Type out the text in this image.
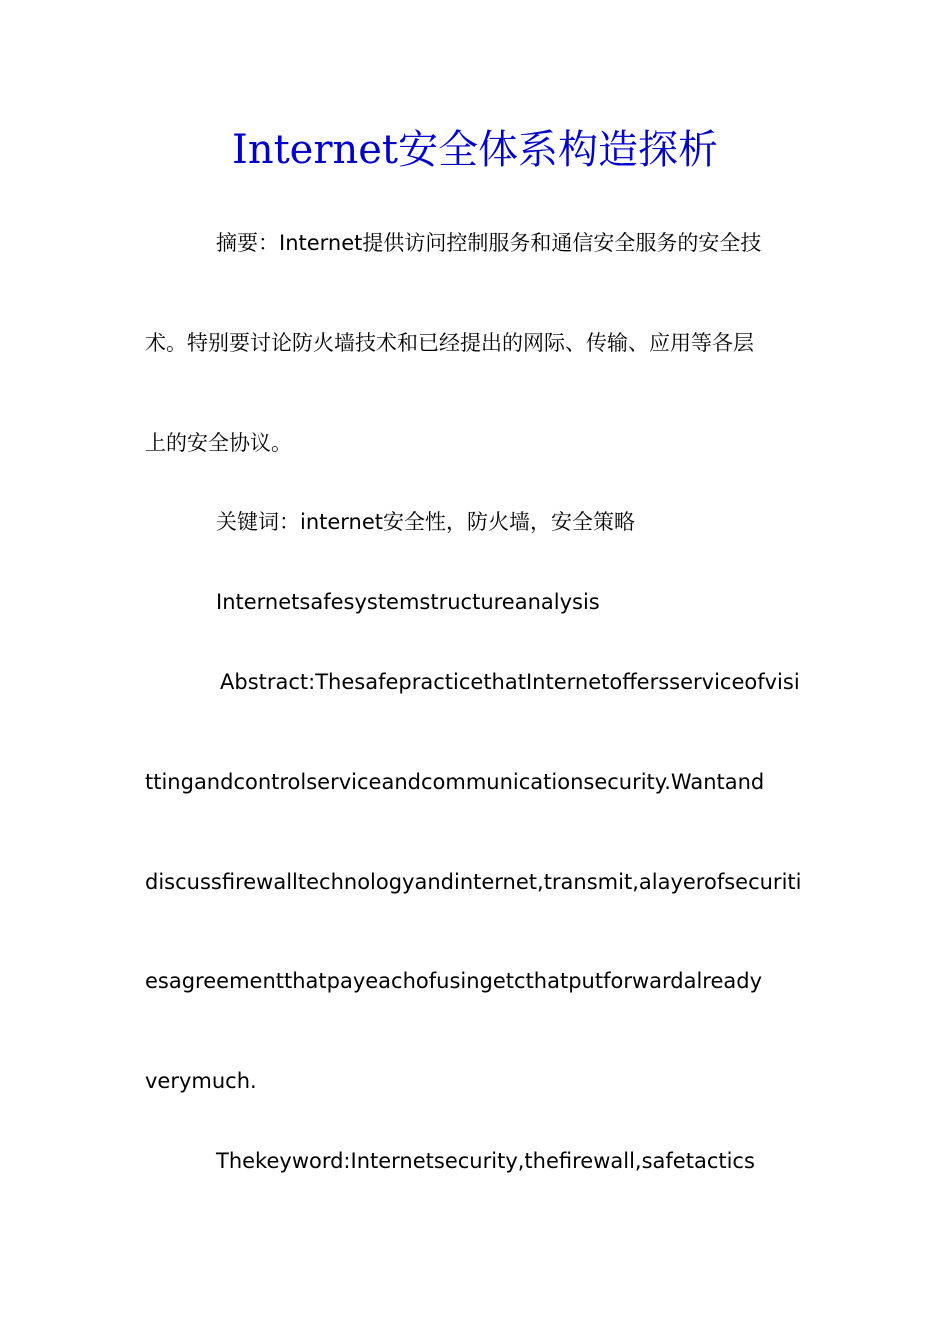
Internet安全体系构造探析
摘要：Internet提供访问控制服务和通信安全服务的安全技
术。特别要讨论防火墙技术和已经提出的网际、传输、应用等各层
上的安全协议。
关键词：internet安全性，防火墙，安全策略
Internetsafesystemstructureanalysis
Abstract:ThesafepracticethatInternetoffersserviceofvisi
ttingandcontrolserviceandcommunicationsecurity.Wantand
discussfirewalltechnologyandinternet,transmit,alayerofsecuriti
esagreementthatpayeachofusingetcthatputforwardalready
verymuch.
Thekeyword:Internetsecurity,thefirewall,safetactics
